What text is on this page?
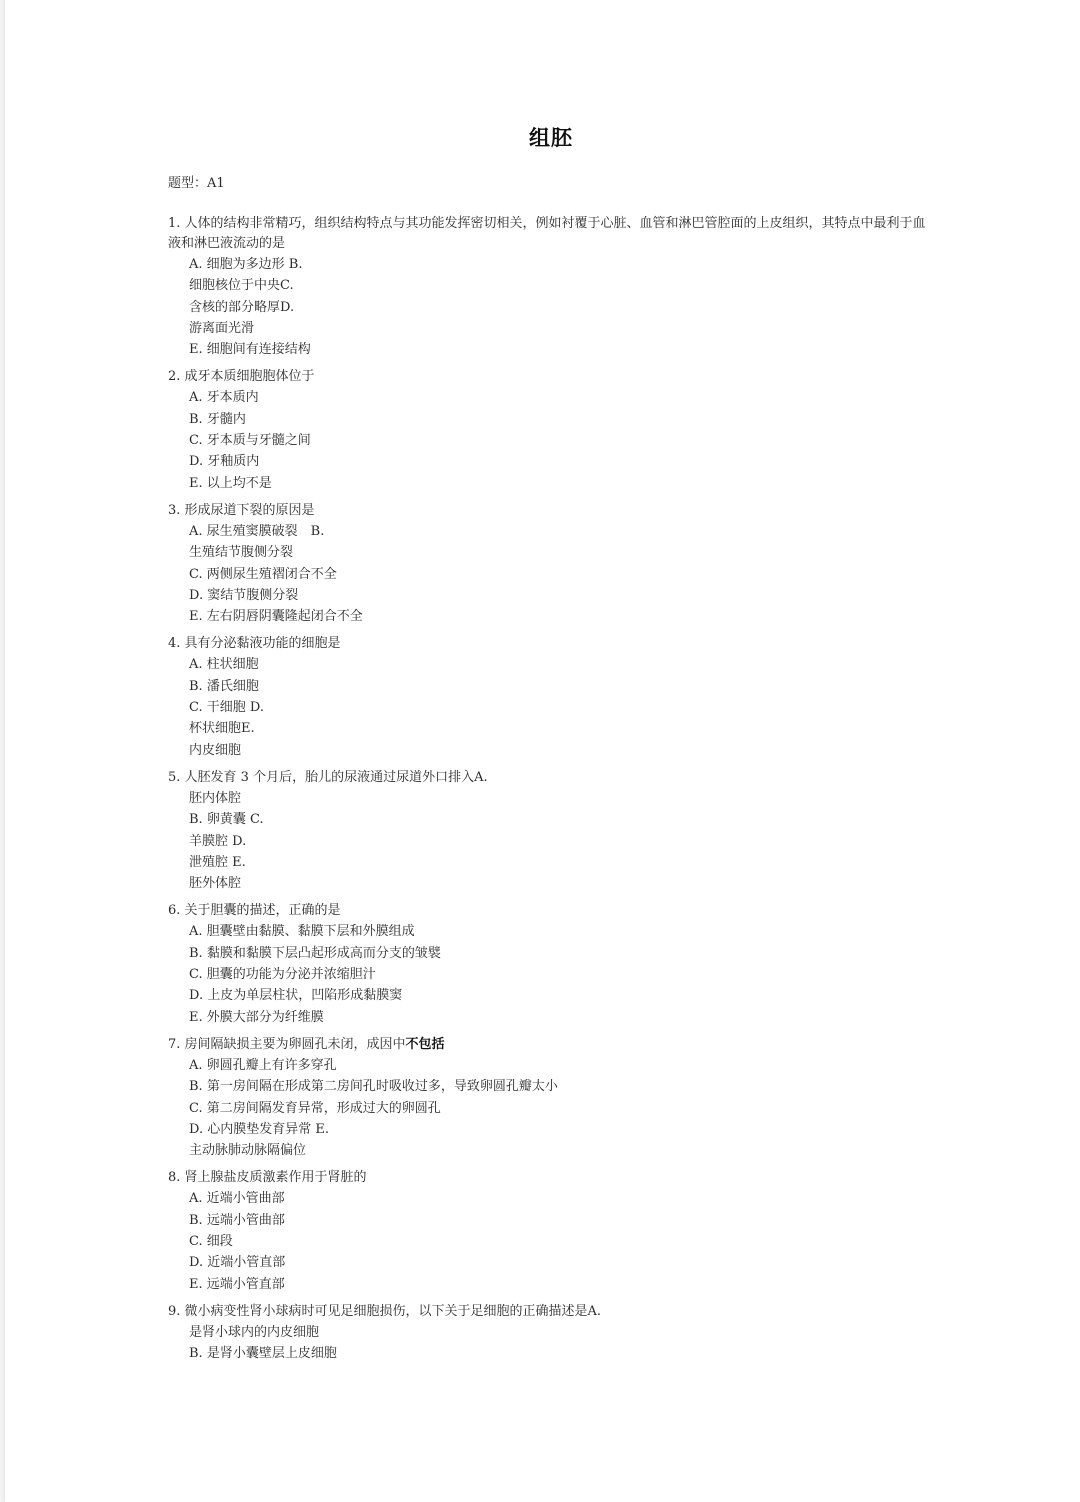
组胚
题型：A1

1. 人体的结构非常精巧，组织结构特点与其功能发挥密切相关，例如衬覆于心脏、血管和淋巴管腔面的上皮组织，其特点中最利于血液和淋巴液流动的是

A. 细胞为多边形 B.
细胞核位于中央C.
含核的部分略厚D.
游离面光滑
E. 细胞间有连接结构

2. 成牙本质细胞胞体位于

A. 牙本质内
B. 牙髓内
C. 牙本质与牙髓之间
D. 牙釉质内
E. 以上均不是

3. 形成尿道下裂的原因是

A. 尿生殖窦膜破裂　B.
生殖结节腹侧分裂
C. 两侧尿生殖褶闭合不全
D. 窦结节腹侧分裂
E. 左右阴唇阴囊隆起闭合不全

4. 具有分泌黏液功能的细胞是

A. 柱状细胞
B. 潘氏细胞
C. 干细胞 D.
杯状细胞E.
内皮细胞

5. 人胚发育 3 个月后，胎儿的尿液通过尿道外口排入A.

胚内体腔
B. 卵黄囊 C.
羊膜腔 D.
泄殖腔 E.
胚外体腔

6. 关于胆囊的描述，正确的是

A. 胆囊壁由黏膜、黏膜下层和外膜组成
B. 黏膜和黏膜下层凸起形成高而分支的皱襞
C. 胆囊的功能为分泌并浓缩胆汁
D. 上皮为单层柱状，凹陷形成黏膜窦
E. 外膜大部分为纤维膜

7. 房间隔缺损主要为卵圆孔未闭，成因中不包括

A. 卵圆孔瓣上有许多穿孔
B. 第一房间隔在形成第二房间孔时吸收过多，导致卵圆孔瓣太小
C. 第二房间隔发育异常，形成过大的卵圆孔
D. 心内膜垫发育异常 E.
主动脉肺动脉隔偏位

8. 肾上腺盐皮质激素作用于肾脏的

A. 近端小管曲部
B. 远端小管曲部
C. 细段
D. 近端小管直部
E. 远端小管直部

9. 微小病变性肾小球病时可见足细胞损伤，以下关于足细胞的正确描述是A.

是肾小球内的内皮细胞
B. 是肾小囊壁层上皮细胞
